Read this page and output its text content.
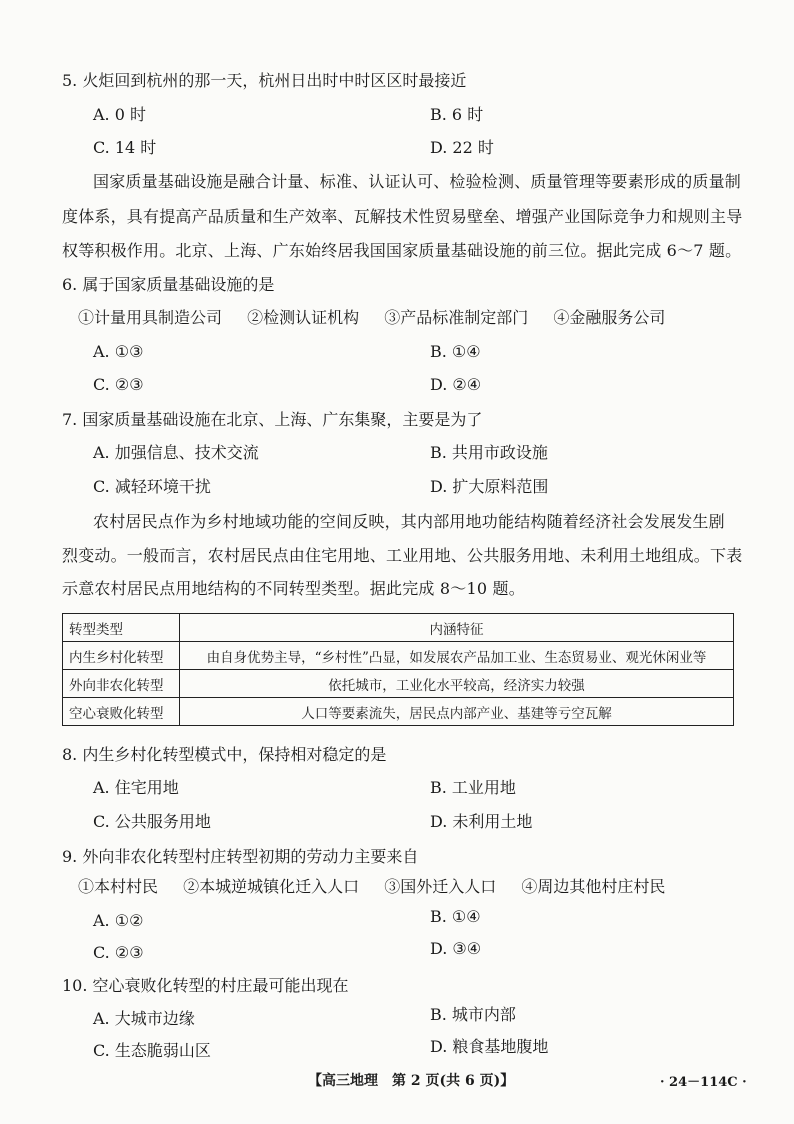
5. 火炬回到杭州的那一天，杭州日出时中时区区时最接近
A. 0 时	B. 6 时
C. 14 时	D. 22 时
国家质量基础设施是融合计量、标准、认证认可、检验检测、质量管理等要素形成的质量制
度体系，具有提高产品质量和生产效率、瓦解技术性贸易壁垒、增强产业国际竞争力和规则主导
权等积极作用。北京、上海、广东始终居我国国家质量基础设施的前三位。据此完成 6～7 题。
6. 属于国家质量基础设施的是
①计量用具制造公司 ②检测认证机构 ③产品标准制定部门 ④金融服务公司
A. ①③	B. ①④
C. ②③	D. ②④
7. 国家质量基础设施在北京、上海、广东集聚，主要是为了
A. 加强信息、技术交流	B. 共用市政设施
C. 减轻环境干扰	D. 扩大原料范围
农村居民点作为乡村地域功能的空间反映，其内部用地功能结构随着经济社会发展发生剧
烈变动。一般而言，农村居民点由住宅用地、工业用地、公共服务用地、未利用土地组成。下表
示意农村居民点用地结构的不同转型类型。据此完成 8～10 题。
转型类型	内涵特征
内生乡村化转型	由自身优势主导，“乡村性”凸显，如发展农产品加工业、生态贸易业、观光休闲业等
外向非农化转型	依托城市，工业化水平较高，经济实力较强
空心衰败化转型	人口等要素流失，居民点内部产业、基建等亏空瓦解
8. 内生乡村化转型模式中，保持相对稳定的是
A. 住宅用地	B. 工业用地
C. 公共服务用地	D. 未利用土地
9. 外向非农化转型村庄转型初期的劳动力主要来自
①本村村民 ②本城逆城镇化迁入人口 ③国外迁入人口 ④周边其他村庄村民
A. ①②	B. ①④
C. ②③	D. ③④
10. 空心衰败化转型的村庄最可能出现在
A. 大城市边缘	B. 城市内部
C. 生态脆弱山区	D. 粮食基地腹地
【高三地理　第 2 页(共 6 页)】	· 24－114C ·
